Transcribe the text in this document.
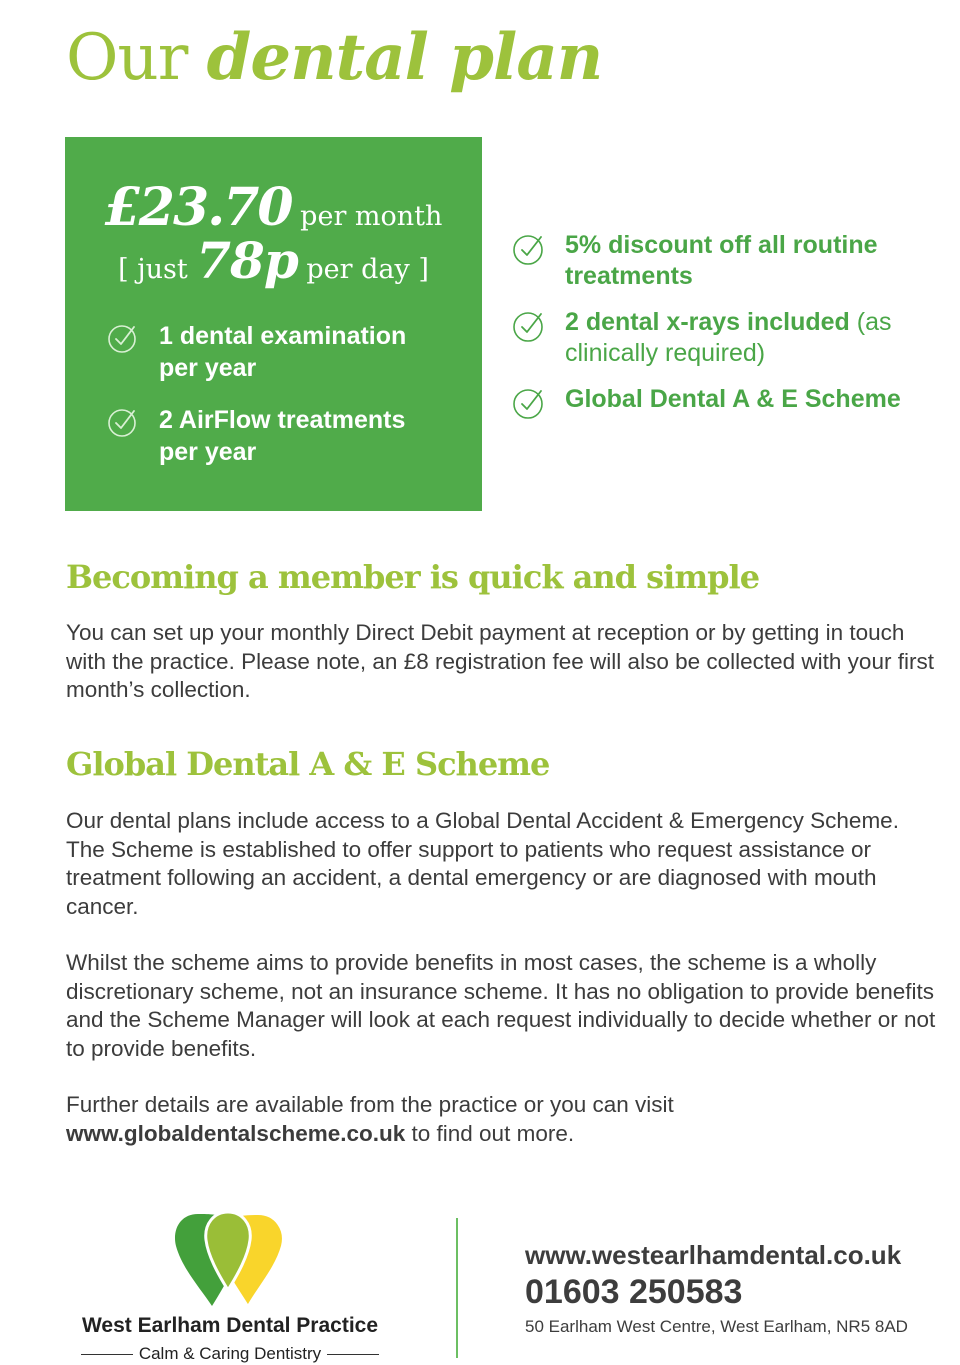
Our dental plan
£23.70 per month
[ just 78p per day ]
1 dental examination
per year
2 AirFlow treatments
per year
5% discount off all routine treatments
2 dental x-rays included (as clinically required)
Global Dental A & E Scheme
Becoming a member is quick and simple
You can set up your monthly Direct Debit payment at reception or by getting in touch with the practice. Please note, an £8 registration fee will also be collected with your first month’s collection.
Global Dental A & E Scheme
Our dental plans include access to a Global Dental Accident & Emergency Scheme. The Scheme is established to offer support to patients who request assistance or treatment following an accident, a dental emergency or are diagnosed with mouth cancer.
Whilst the scheme aims to provide benefits in most cases, the scheme is a wholly discretionary scheme, not an insurance scheme. It has no obligation to provide benefits and the Scheme Manager will look at each request individually to decide whether or not to provide benefits.
Further details are available from the practice or you can visit
www.globaldentalscheme.co.uk to find out more.
West Earlham Dental Practice
Calm & Caring Dentistry
www.westearlhamdental.co.uk
01603 250583
50 Earlham West Centre, West Earlham, NR5 8AD
